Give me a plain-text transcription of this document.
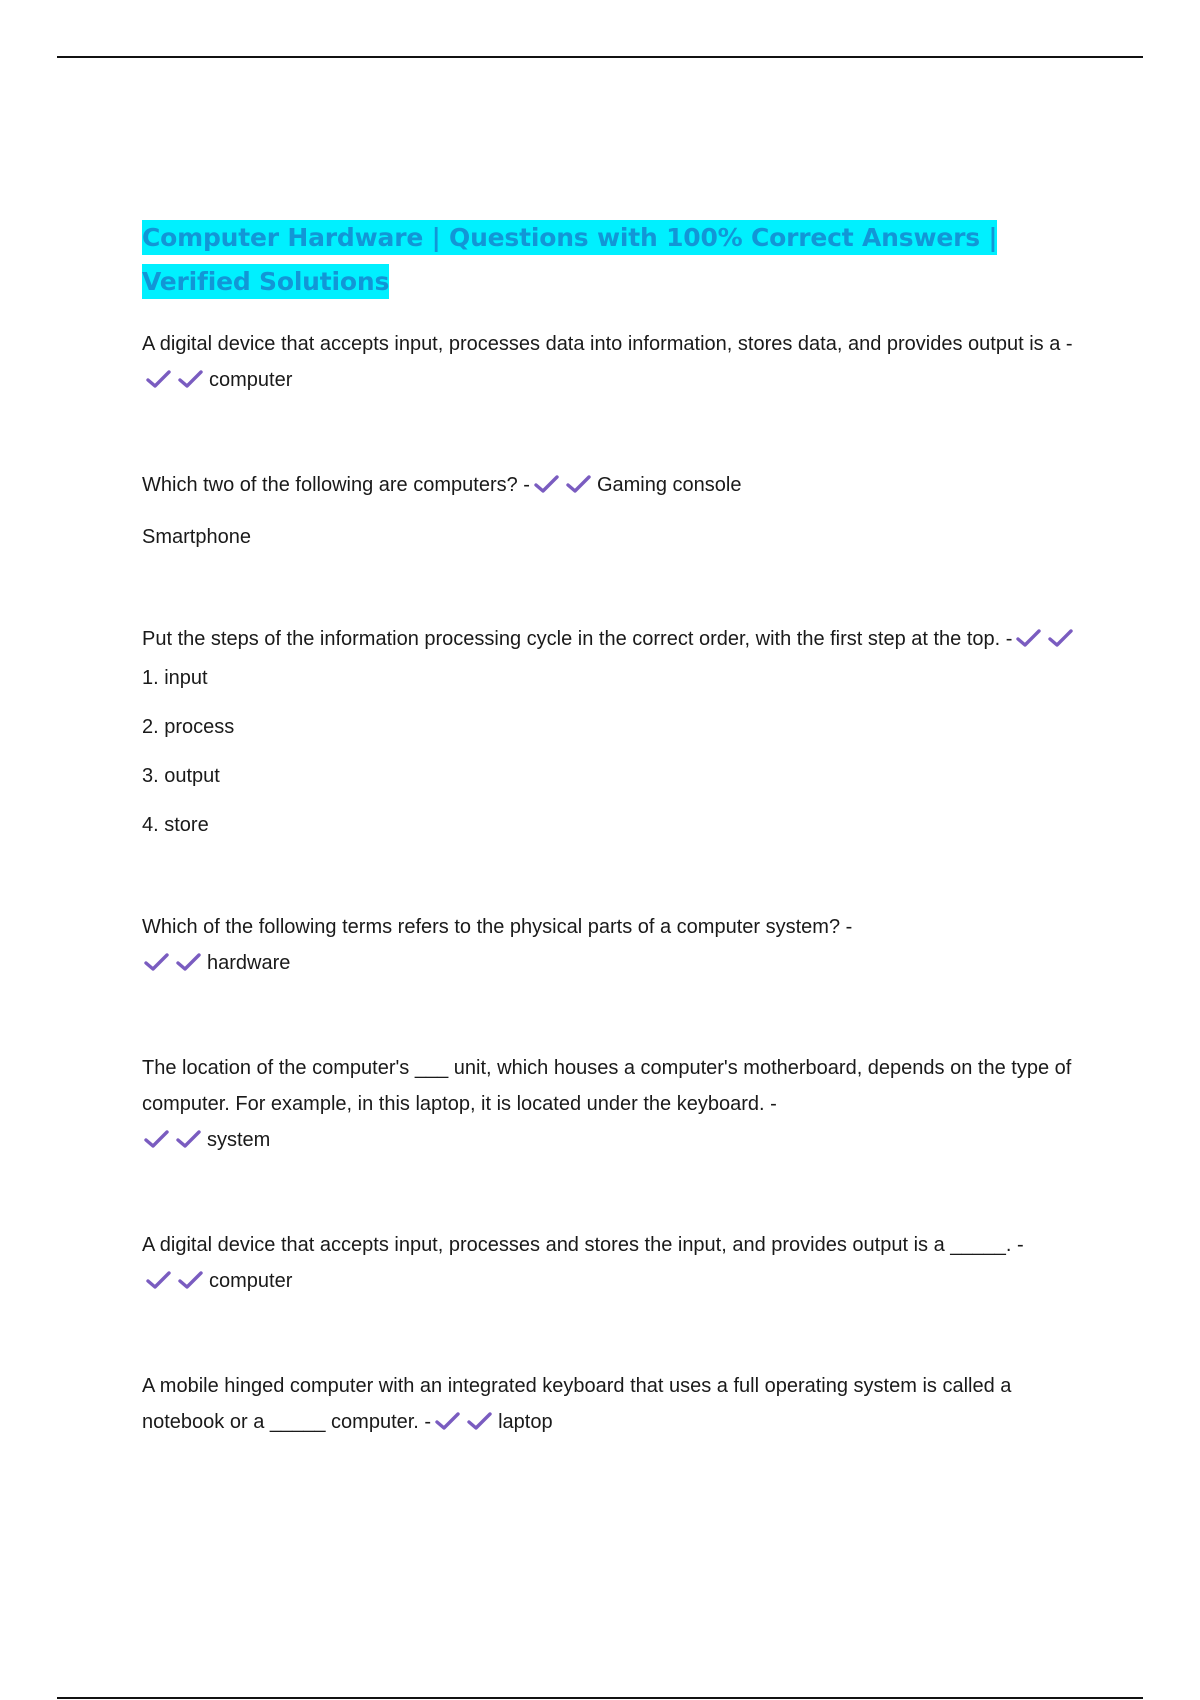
Computer Hardware | Questions with 100% Correct Answers | Verified Solutions

A digital device that accepts input, processes data into information, stores data, and provides output is a -computer

Which two of the following are computers? -	Gaming console

Smartphone

Put the steps of the information processing cycle in the correct order, with the first step at the top. -1. input

2. process

3. output

4. store

Which of the following terms refers to the physical parts of a computer system? -
hardware

The location of the computer's ___ unit, which houses a computer's motherboard, depends on the type of computer. For example, in this laptop, it is located under the keyboard. -
system

A digital device that accepts input, processes and stores the input, and provides output is a _____. -computer

A mobile hinged computer with an integrated keyboard that uses a full operating system is called a notebook or a _____ computer. -	laptop
